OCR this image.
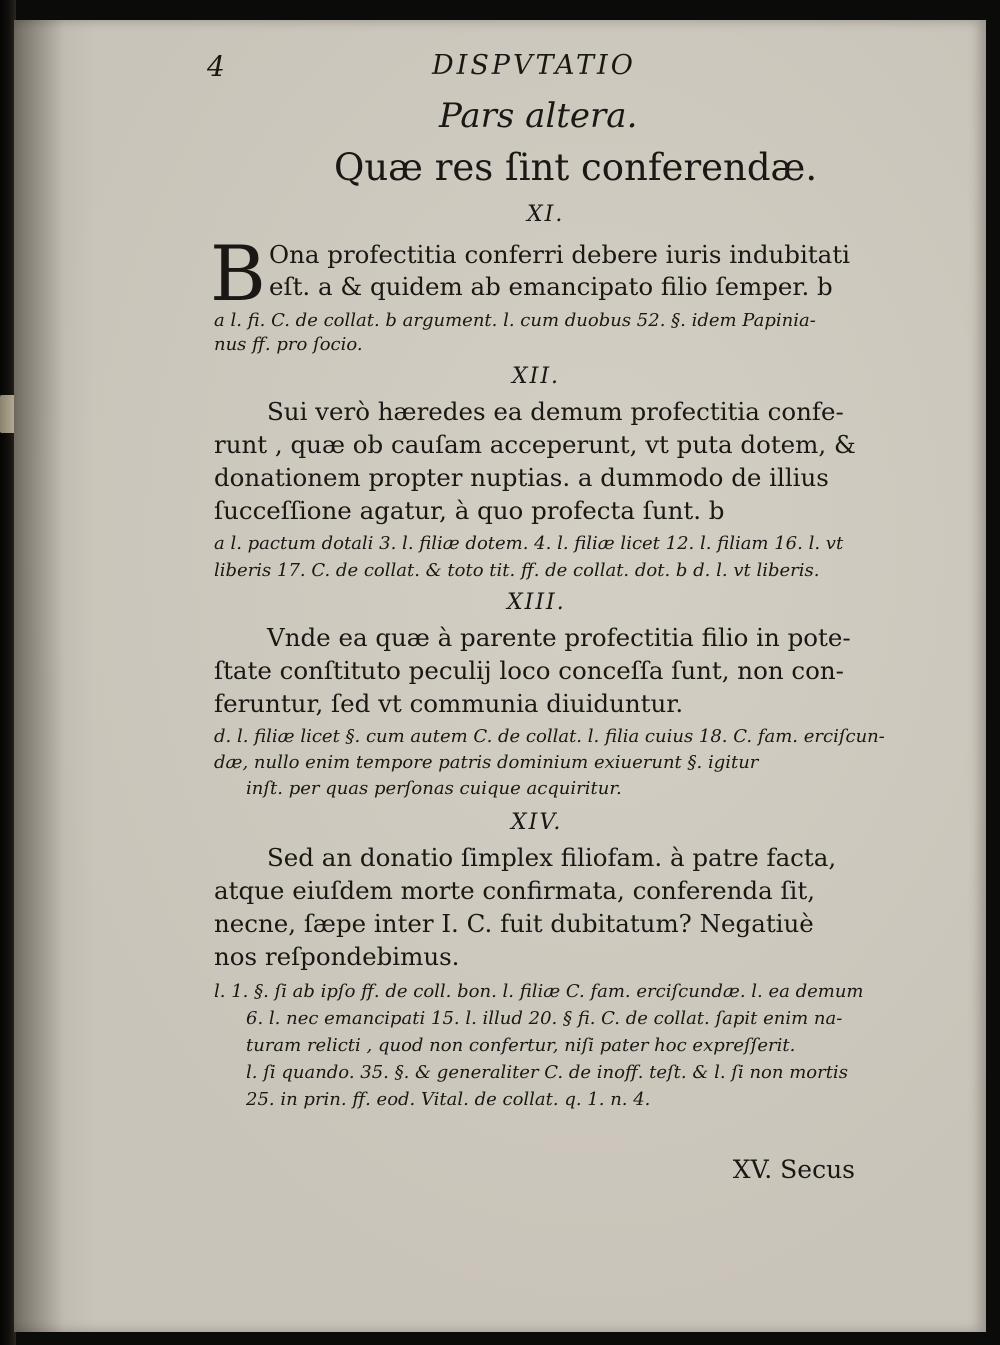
4	DISPVTATIO
Pars altera.
Quæ res ſint conferendæ.
XI.
B Ona profectitia conferri debere iuris indubitati
eſt. a & quidem ab emancipato filio ſemper. b
a l. fi. C. de collat. b argument. l. cum duobus 52. §. idem Papinia-
nus ff. pro ſocio.
XII.
Sui verò hæredes ea demum profectitia confe-
runt , quæ ob cauſam acceperunt, vt puta dotem, &
donationem propter nuptias. a dummodo de illius
ſucceſſione agatur, à quo profecta ſunt. b
a l. pactum dotali 3. l. filiæ dotem. 4. l. filiæ licet 12. l. filiam 16. l. vt
liberis 17. C. de collat. & toto tit. ff. de collat. dot. b d. l. vt liberis.
XIII.
Vnde ea quæ à parente profectitia filio in pote-
ſtate conſtituto peculij loco conceſſa ſunt, non con-
feruntur, ſed vt communia diuiduntur.
d. l. filiæ licet §. cum autem C. de collat. l. filia cuius 18. C. fam. erciſcun-
dæ, nullo enim tempore patris dominium exiuerunt §. igitur
inſt. per quas perſonas cuique acquiritur.
XIV.
Sed an donatio ſimplex filiofam. à patre facta,
atque eiuſdem morte confirmata, conferenda ſit,
necne, ſæpe inter I. C. fuit dubitatum? Negatiuè
nos reſpondebimus.
l. 1. §. ſi ab ipſo ff. de coll. bon. l. filiæ C. fam. erciſcundæ. l. ea demum
6. l. nec emancipati 15. l. illud 20. § fi. C. de collat. ſapit enim na-
turam relicti , quod non confertur, niſi pater hoc expreſſerit.
l. ſi quando. 35. §. & generaliter C. de inoff. teſt. & l. ſi non mortis
25. in prin. ff. eod. Vital. de collat. q. 1. n. 4.
XV. Secus
